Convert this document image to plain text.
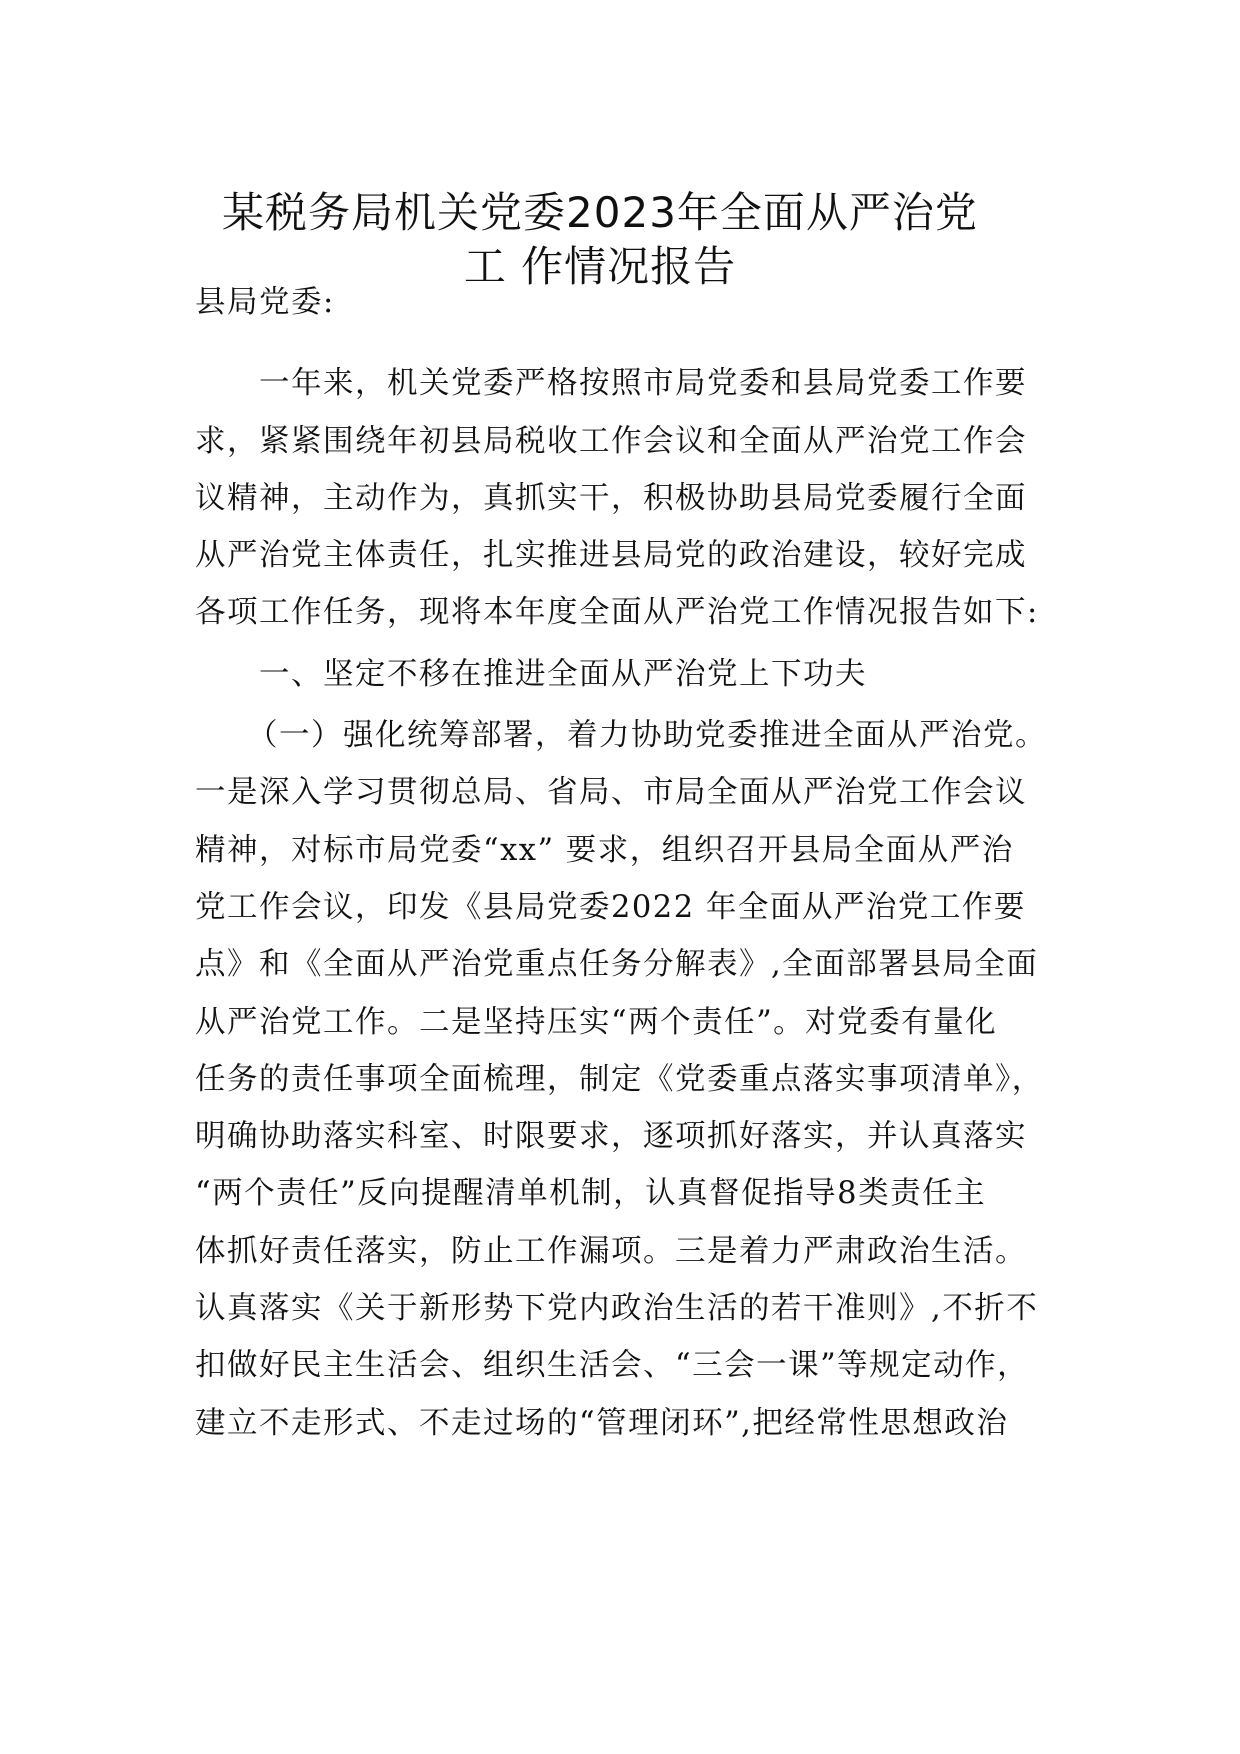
某税务局机关党委2023年全面从严治党
工 作情况报告

县局党委:

一年来，机关党委严格按照市局党委和县局党委工作要

求，紧紧围绕年初县局税收工作会议和全面从严治党工作会

议精神，主动作为，真抓实干，积极协助县局党委履行全面

从严治党主体责任，扎实推进县局党的政治建设，较好完成

各项工作任务，现将本年度全面从严治党工作情况报告如下:

一、坚定不移在推进全面从严治党上下功夫

（一）强化统筹部署，着力协助党委推进全面从严治党。

一是深入学习贯彻总局、省局、市局全面从严治党工作会议

精神，对标市局党委“xx” 要求，组织召开县局全面从严治

党工作会议，印发《县局党委2022 年全面从严治党工作要

点》和《全面从严治党重点任务分解表》,全面部署县局全面

从严治党工作。二是坚持压实“两个责任”。对党委有量化

任务的责任事项全面梳理，制定《党委重点落实事项清单》，

明确协助落实科室、时限要求，逐项抓好落实，并认真落实

“两个责任”反向提醒清单机制，认真督促指导8类责任主

体抓好责任落实，防止工作漏项。三是着力严肃政治生活。

认真落实《关于新形势下党内政治生活的若干准则》,不折不

扣做好民主生活会、组织生活会、“三会一课”等规定动作，

建立不走形式、不走过场的“管理闭环”,把经常性思想政治
